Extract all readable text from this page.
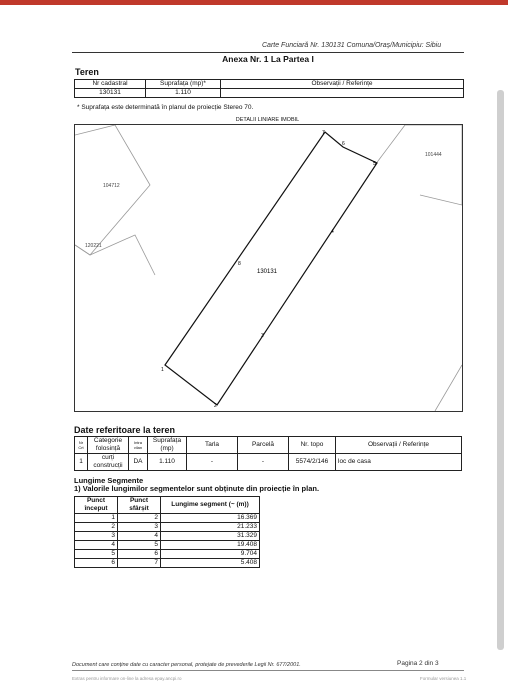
Carte Funciară Nr. 130131 Comuna/Oraș/Municipiu: Sibiu
Anexa Nr. 1 La Partea I
Teren
Nr cadastral	Suprafața (mp)*	Observații / Referințe
130131	1.110	
* Suprafața este determinată în planul de proiecție Stereo 70.
DETALII LINIARE IMOBIL
130131
104712
120221
101444
1
2
3
4
5
6
7
8
Date referitoare la teren
Nr Crt	Categorie folosință	Intra vilan	Suprafața (mp)	Tarla	Parcelă	Nr. topo	Observații / Referințe
1	curți construcții	DA	1.110	-	-	5574/2/146	loc de casa
Lungime Segmente
1) Valorile lungimilor segmentelor sunt obținute din proiecție în plan.
Punct început	Punct sfârșit	Lungime segment (~ (m))
1	2	16.369
2	3	21.233
3	4	31.329
4	5	19.408
5	6	9.704
6	7	5.408
Document care conține date cu caracter personal, protejate de prevederile Legii Nr. 677/2001.	Pagina 2 din 3
Extras pentru informare on-line la adresa epay.ancpi.ro	Formular versiunea 1.1
